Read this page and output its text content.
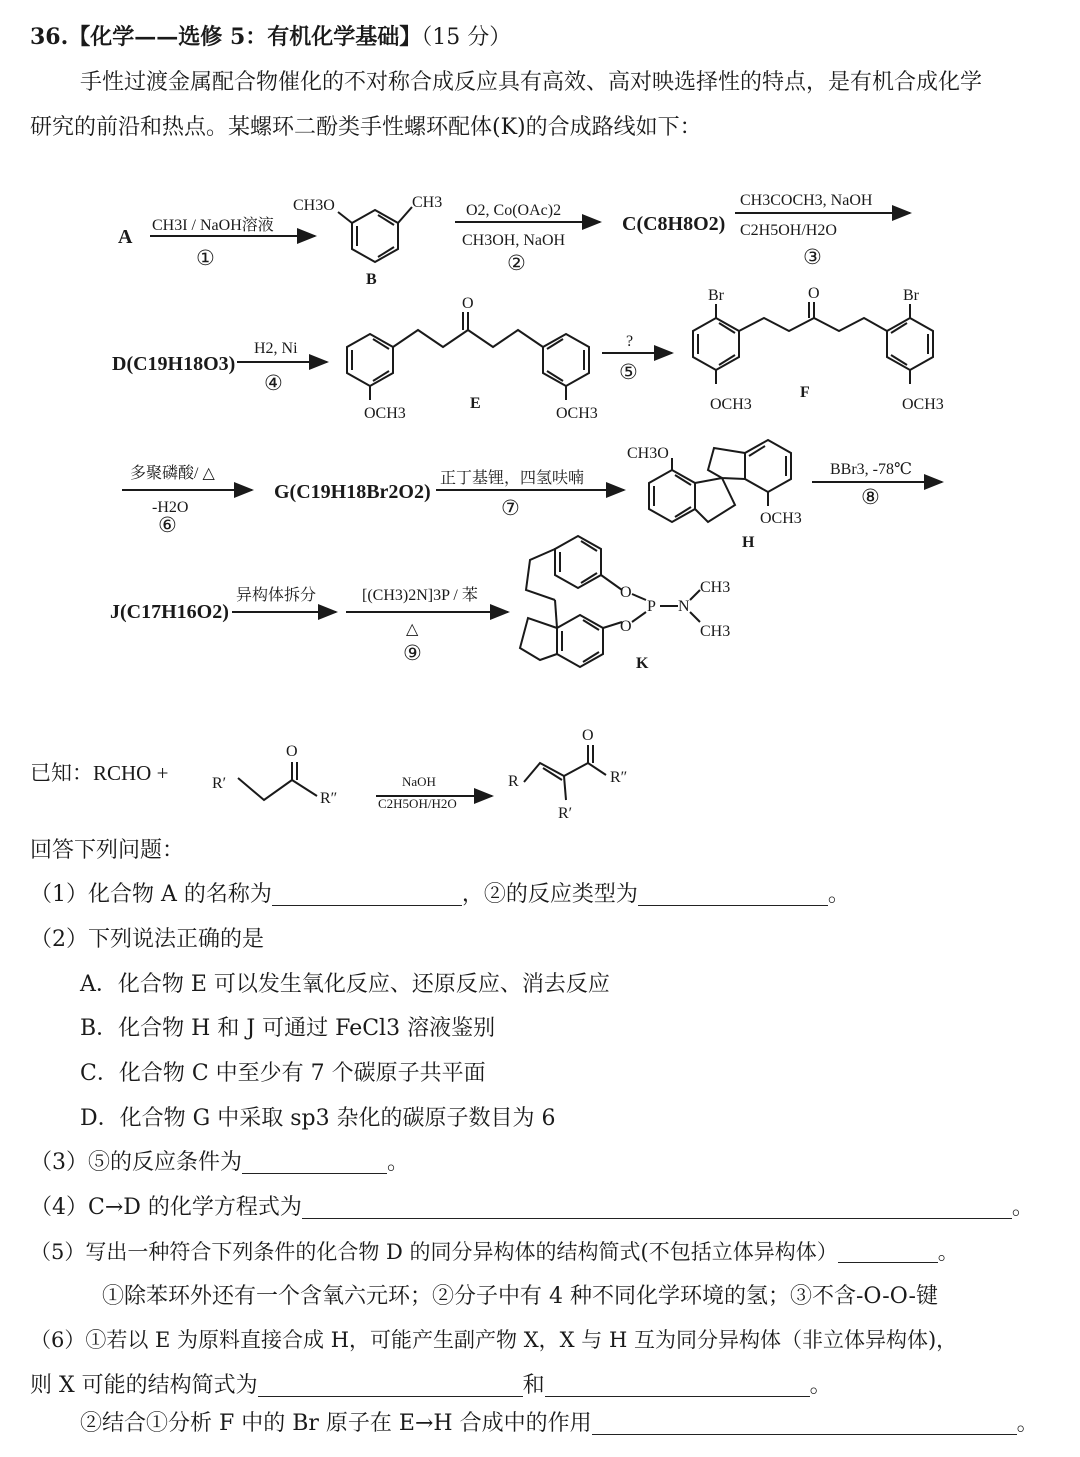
36.【化学——选修 5：有机化学基础】（15 分）
手性过渡金属配合物催化的不对称合成反应具有高效、高对映选择性的特点，是有机合成化学
研究的前沿和热点。某螺环二酚类手性螺环配体(K)的合成路线如下：
A
CH3I / NaOH溶液
①
CH3O	CH3
B
O2, Co(OAc)2
CH3OH, NaOH
②
C(C8H8O2)
CH3COCH3, NaOH
C2H5OH/H2O
③
D(C19H18O3)
H2, Ni
④
O
OCH3
E
OCH3
?
⑤
Br	O	Br
OCH3
F
OCH3
多聚磷酸/ △
-H2O
⑥
G(C19H18Br2O2)
正丁基锂，四氢呋喃
⑦
CH3O
OCH3
H
BBr3, -78℃
⑧
J(C17H16O2)
异构体拆分	[(CH3)2N]3P / 苯
△
⑨
O
O
P N
CH3
CH3
K
已知：RCHO +	R′
O
R″
NaOH
C2H5OH/H2O
R
O
R″
R′
回答下列问题：
（1）化合物 A 的名称为	，②的反应类型为	。
（2）下列说法正确的是
A．化合物 E 可以发生氧化反应、还原反应、消去反应
B．化合物 H 和 J 可通过 FeCl3 溶液鉴别
C．化合物 C 中至少有 7 个碳原子共平面
D．化合物 G 中采取 sp3 杂化的碳原子数目为 6
（3）⑤的反应条件为	。
（4）C→D 的化学方程式为	。
（5）写出一种符合下列条件的化合物 D 的同分异构体的结构简式(不包括立体异构体）	。
①除苯环外还有一个含氧六元环；②分子中有 4 种不同化学环境的氢；③不含-O-O-键
（6）①若以 E 为原料直接合成 H，可能产生副产物 X，X 与 H 互为同分异构体（非立体异构体)，
则 X 可能的结构简式为	和	。
②结合①分析 F 中的 Br 原子在 E→H 合成中的作用	。
